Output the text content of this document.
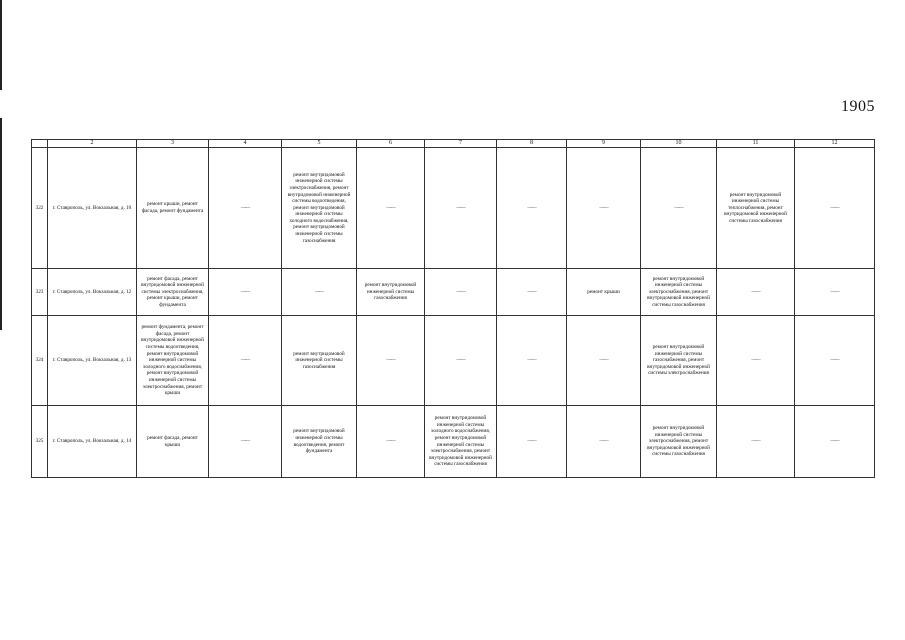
1905
	2	3	4	5	6	7	8	9	10	11	12
322	г. Ставрополь, ул. Вокзальная, д. 10	ремонт крыши, ремонт фасада, ремонт фундамента	——	ремонт внутридомовой инженерной системы электроснабжения, ремонт внутридомовой инженерной системы водоотведения, ремонт внутридомовой инженерной системы холодного водоснабжения, ремонт внутридомовой инженерной системы газоснабжения	——	——	——	——	——	ремонт внутридомовой инженерной системы теплоснабжения, ремонт внутридомовой инженерной системы газоснабжения	——
323	г. Ставрополь, ул. Вокзальная, д. 12	ремонт фасада, ремонт внутридомовой инженерной системы электроснабжения, ремонт крыши, ремонт фундамента	——	——	ремонт внутридомовой инженерной системы газоснабжения	——	——	ремонт крыши	ремонт внутридомовой инженерной системы электроснабжения, ремонт внутридомовой инженерной системы газоснабжения	——	——
324	г. Ставрополь, ул. Вокзальная, д. 13	ремонт фундамента, ремонт фасада, ремонт внутридомовой инженерной системы водоотведения, ремонт внутридомовой инженерной системы холодного водоснабжения, ремонт внутридомовой инженерной системы электроснабжения, ремонт крыши	——	ремонт внутридомовой инженерной системы газоснабжения	——	——	——	——	ремонт внутридомовой инженерной системы газоснабжения, ремонт внутридомовой инженерной системы электроснабжения	——	——
325	г. Ставрополь, ул. Вокзальная, д. 14	ремонт фасада, ремонт крыши	——	ремонт внутридомовой инженерной системы водоотведения, ремонт фундамента	——	ремонт внутридомовой инженерной системы холодного водоснабжения, ремонт внутридомовой инженерной системы электроснабжения, ремонт внутридомовой инженерной системы газоснабжения	——	——	ремонт внутридомовой инженерной системы электроснабжения, ремонт внутридомовой инженерной системы газоснабжения	——	——
